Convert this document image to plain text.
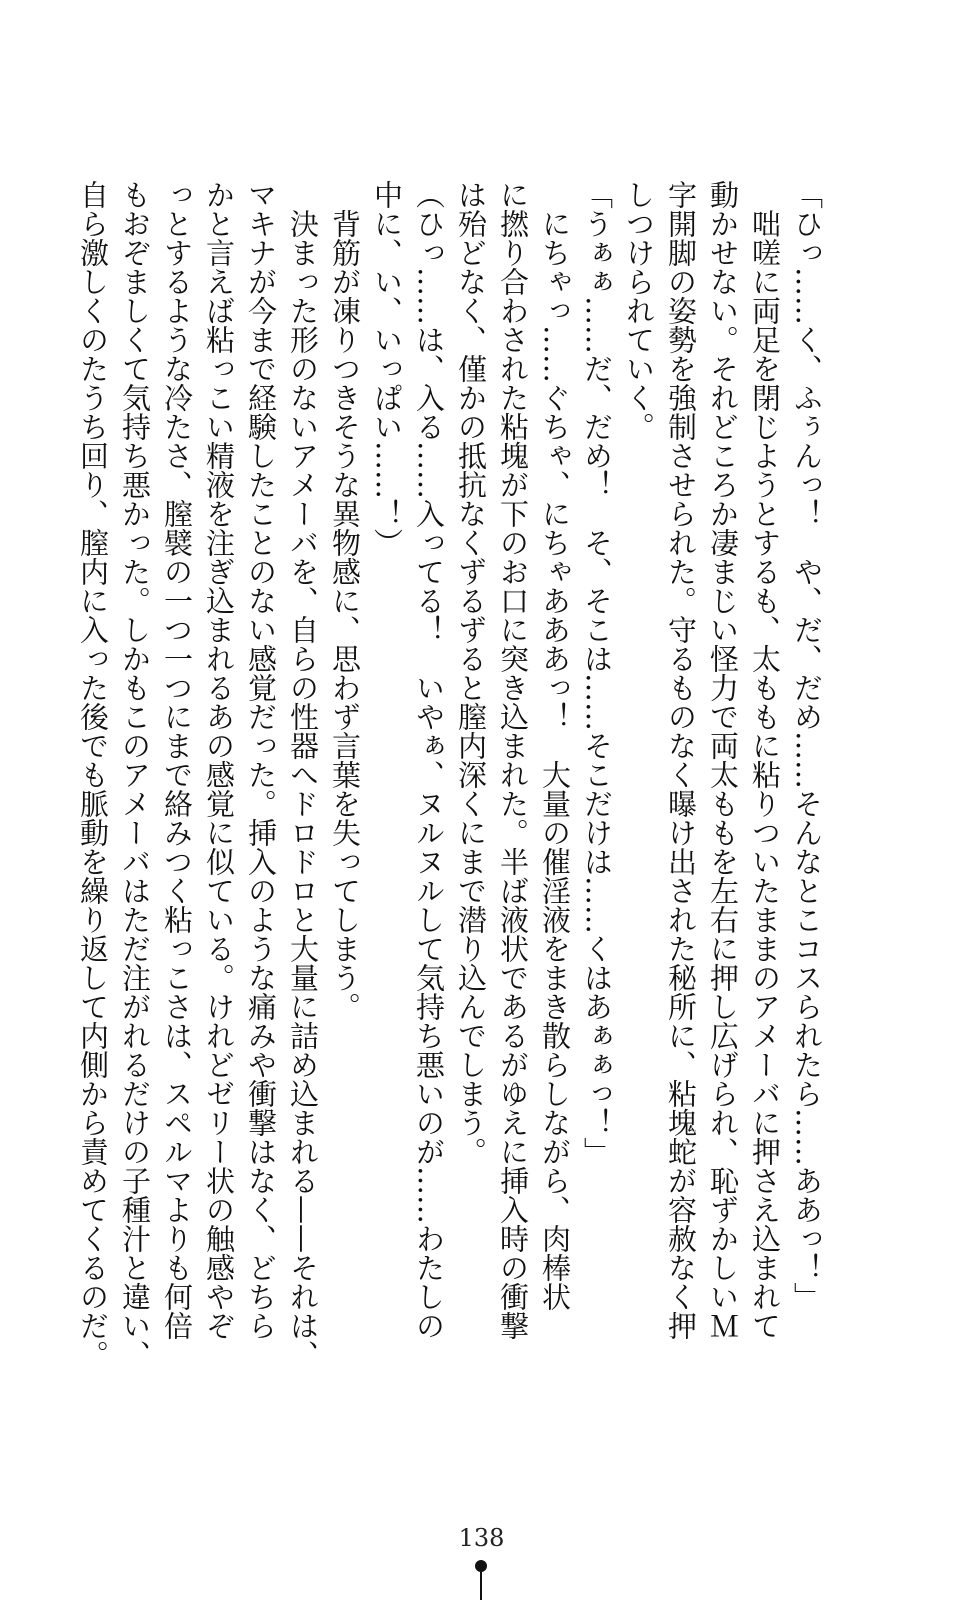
「ひっ……く、ふぅんっ！　や、だ、だめ……そんなとこコスられたら……ああっ！」

　咄嗟に両足を閉じようとするも、太ももに粘りついたままのアメーバに押さえ込まれて

動かせない。それどころか凄まじい怪力で両太ももを左右に押し広げられ、恥ずかしいＭ

字開脚の姿勢を強制させられた。守るものなく曝け出された秘所に、粘塊蛇が容赦なく押

しつけられていく。

「うぁぁ……だ、だめ！　そ、そこは……そこだけは……くはあぁぁっ！」

　にちゃっ……ぐちゃ、にちゃあああっ！　大量の催淫液をまき散らしながら、肉棒状

に撚り合わされた粘塊が下のお口に突き込まれた。半ば液状であるがゆえに挿入時の衝撃

は殆どなく、僅かの抵抗なくずるずると膣内深くにまで潜り込んでしまう。

（ひっ……は、入る……入ってる！　いやぁ、ヌルヌルして気持ち悪いのが……わたしの

中に、い、いっぱい……！）

　背筋が凍りつきそうな異物感に、思わず言葉を失ってしまう。

　決まった形のないアメーバを、自らの性器へドロドロと大量に詰め込まれる——それは、

マキナが今まで経験したことのない感覚だった。挿入のような痛みや衝撃はなく、どちら

かと言えば粘っこい精液を注ぎ込まれるあの感覚に似ている。けれどゼリー状の触感やぞ

っとするような冷たさ、膣襞の一つ一つにまで絡みつく粘っこさは、スペルマよりも何倍

もおぞましくて気持ち悪かった。しかもこのアメーバはただ注がれるだけの子種汁と違い、

自ら激しくのたうち回り、膣内に入った後でも脈動を繰り返して内側から責めてくるのだ。

138
